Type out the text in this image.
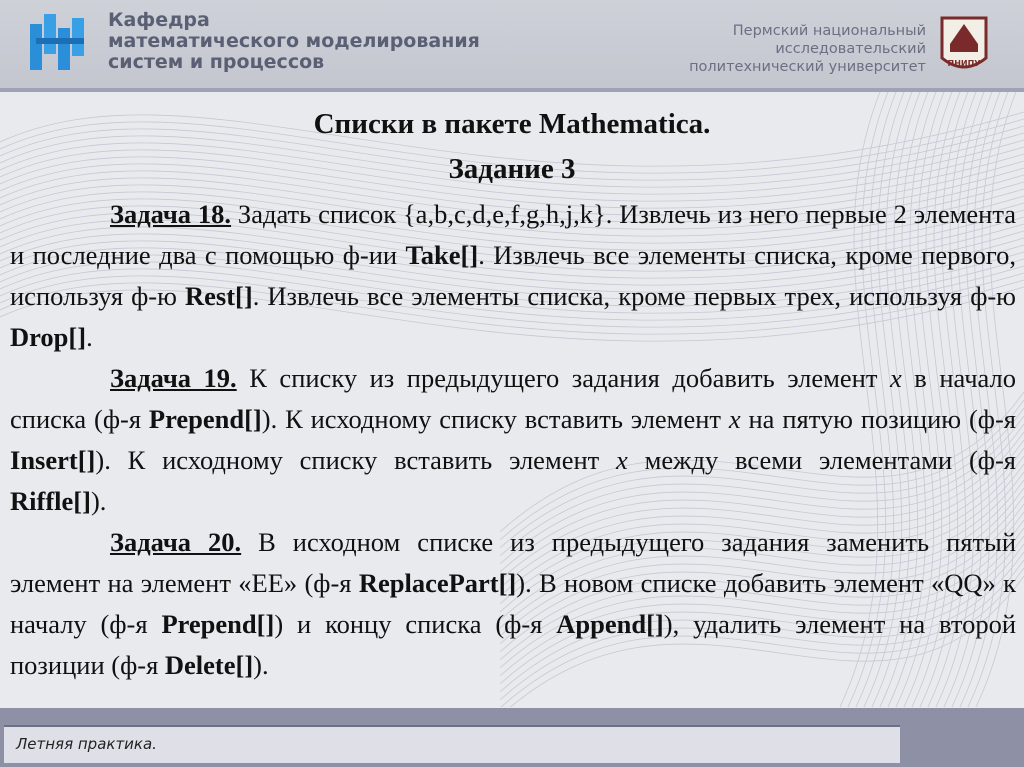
Кафедра
математического моделирования
систем и процессов
Пермский национальный
исследовательский
политехнический университет	ПНИПУ
Списки в пакете Mathematica.
Задание 3

Задача 18. Задать список {a,b,c,d,e,f,g,h,j,k}. Извлечь из него первые 2 элемента и последние два с помощью ф-ии Take[]. Извлечь все элементы списка, кроме первого, используя ф-ю Rest[]. Извлечь все элементы списка, кроме первых трех, используя ф-ю Drop[].

Задача 19. К списку из предыдущего задания добавить элемент x в начало списка (ф-я Prepend[]). К исходному списку вставить элемент x на пятую позицию (ф-я Insert[]). К исходному списку вставить элемент x между всеми элементами (ф-я Riffle[]).

Задача 20. В исходном списке из предыдущего задания заменить пятый элемент на элемент «EE» (ф-я ReplacePart[]). В новом списке добавить элемент «QQ» к началу (ф-я Prepend[]) и концу списка (ф-я Append[]), удалить элемент на второй позиции (ф-я Delete[]).

Летняя практика.
